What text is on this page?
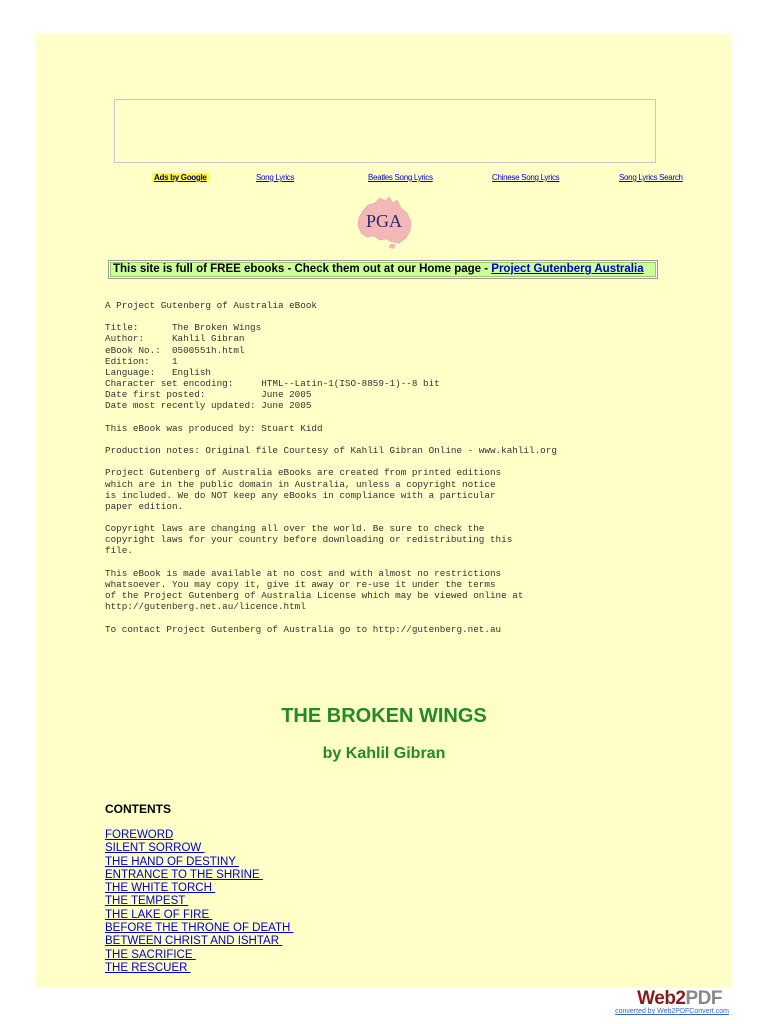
Ads by Google	Song Lyrics	Beatles Song Lyrics	Chinese Song Lyrics	Song Lyrics Search
PGA
This site is full of FREE ebooks - Check them out at our Home page - Project Gutenberg Australia
A Project Gutenberg of Australia eBook

Title:      The Broken Wings
Author:     Kahlil Gibran
eBook No.:  0500551h.html
Edition:    1
Language:   English
Character set encoding:     HTML--Latin-1(ISO-8859-1)--8 bit
Date first posted:          June 2005
Date most recently updated: June 2005

This eBook was produced by: Stuart Kidd

Production notes: Original file Courtesy of Kahlil Gibran Online - www.kahlil.org

Project Gutenberg of Australia eBooks are created from printed editions
which are in the public domain in Australia, unless a copyright notice
is included. We do NOT keep any eBooks in compliance with a particular
paper edition.

Copyright laws are changing all over the world. Be sure to check the
copyright laws for your country before downloading or redistributing this
file.

This eBook is made available at no cost and with almost no restrictions
whatsoever. You may copy it, give it away or re-use it under the terms
of the Project Gutenberg of Australia License which may be viewed online at
http://gutenberg.net.au/licence.html

To contact Project Gutenberg of Australia go to http://gutenberg.net.au
THE BROKEN WINGS
by Kahlil Gibran
CONTENTS
FOREWORD
SILENT SORROW
THE HAND OF DESTINY
ENTRANCE TO THE SHRINE
THE WHITE TORCH
THE TEMPEST
THE LAKE OF FIRE
BEFORE THE THRONE OF DEATH
BETWEEN CHRIST AND ISHTAR
THE SACRIFICE
THE RESCUER
Web2PDF
converted by Web2PDFConvert.com
